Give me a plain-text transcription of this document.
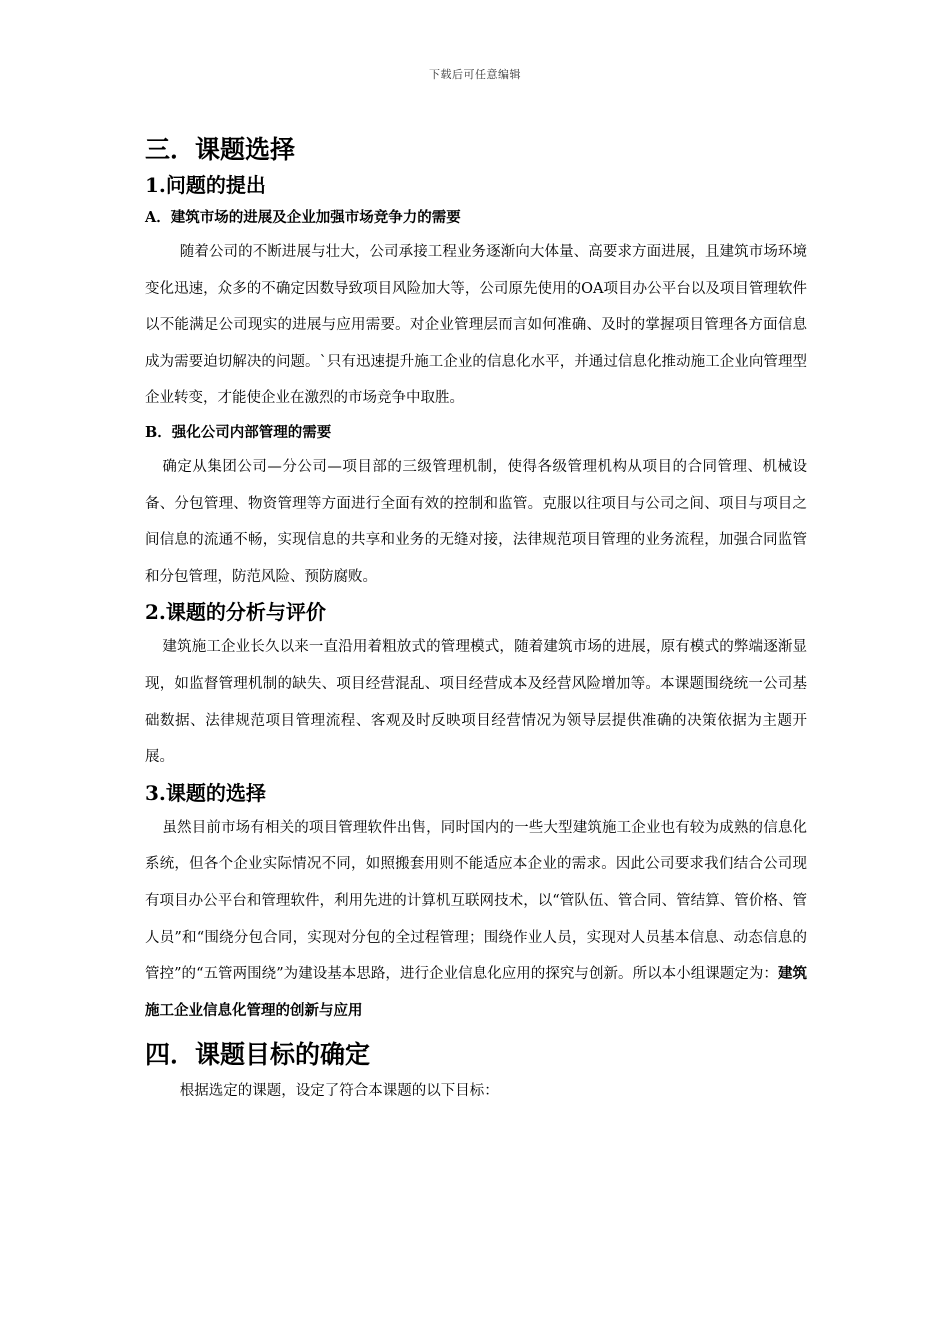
下载后可任意编辑
三．课题选择
1.问题的提出
A．建筑市场的进展及企业加强市场竞争力的需要

随着公司的不断进展与壮大，公司承接工程业务逐渐向大体量、高要求方面进展，且建筑市场环境变化迅速，众多的不确定因数导致项目风险加大等，公司原先使用的OA项目办公平台以及项目管理软件以不能满足公司现实的进展与应用需要。对企业管理层而言如何准确、及时的掌握项目管理各方面信息成为需要迫切解决的问题。`只有迅速提升施工企业的信息化水平，并通过信息化推动施工企业向管理型企业转变，才能使企业在激烈的市场竞争中取胜。

B．强化公司内部管理的需要

确定从集团公司—分公司—项目部的三级管理机制，使得各级管理机构从项目的合同管理、机械设备、分包管理、物资管理等方面进行全面有效的控制和监管。克服以往项目与公司之间、项目与项目之间信息的流通不畅，实现信息的共享和业务的无缝对接，法律规范项目管理的业务流程，加强合同监管和分包管理，防范风险、预防腐败。

2.课题的分析与评价

建筑施工企业长久以来一直沿用着粗放式的管理模式，随着建筑市场的进展，原有模式的弊端逐渐显现，如监督管理机制的缺失、项目经营混乱、项目经营成本及经营风险增加等。本课题围绕统一公司基础数据、法律规范项目管理流程、客观及时反映项目经营情况为领导层提供准确的决策依据为主题开展。

3.课题的选择

虽然目前市场有相关的项目管理软件出售，同时国内的一些大型建筑施工企业也有较为成熟的信息化系统，但各个企业实际情况不同，如照搬套用则不能适应本企业的需求。因此公司要求我们结合公司现有项目办公平台和管理软件，利用先进的计算机互联网技术，以“管队伍、管合同、管结算、管价格、管人员”和“围绕分包合同，实现对分包的全过程管理；围绕作业人员，实现对人员基本信息、动态信息的管控”的“五管两围绕”为建设基本思路，进行企业信息化应用的探究与创新。所以本小组课题定为：建筑施工企业信息化管理的创新与应用

四．课题目标的确定

根据选定的课题，设定了符合本课题的以下目标：
